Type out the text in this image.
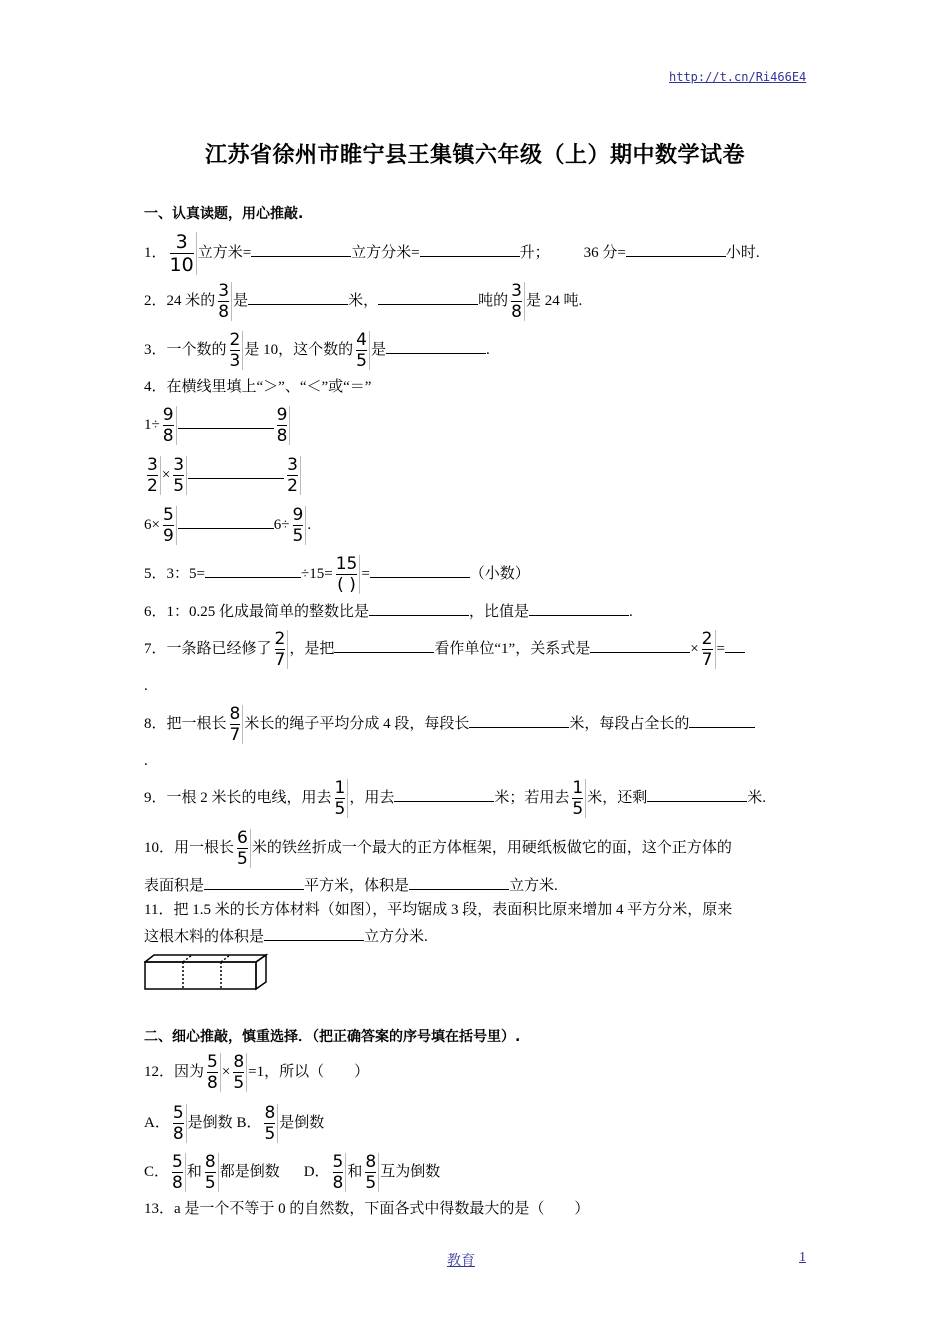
http://t.cn/Ri466E4
江苏省徐州市睢宁县王集镇六年级（上）期中数学试卷
一、认真读题，用心推敲.
1． $\frac{3}{10}$ 立方米=	立方分米=	升； 36 分=	小时.
2．24 米的 $\frac{3}{8}$ 是	米，	吨的 $\frac{3}{8}$ 是 24 吨.
3．一个数的 $\frac{2}{3}$ 是 10，这个数的 $\frac{4}{5}$ 是	.
4．在横线里填上“＞”、“＜”或“＝”
$1\div \frac{9}{8}$	$\frac{9}{8}$
$\frac{3}{2} \times \frac{3}{5}$	$\frac{3}{2}$
$6\times \frac{5}{9}$	$6\div \frac{9}{5}$ .
5．3：5=	$\div 15= \frac{15}{( )}$ =	（小数）
6．1：0.25 化成最简单的整数比是	，比值是	.
7．一条路已经修了 $\frac{2}{7}$ ，是把	看作单位“1”，关系式是	× $\frac{2}{7}$ =
.
8．把一根长 $\frac{8}{7}$ 米长的绳子平均分成 4 段，每段长	米，每段占全长的
.
9．一根 2 米长的电线，用去 $\frac{1}{5}$ ，用去	米；若用去 $\frac{1}{5}$ 米，还剩	米.
10．用一根长 $\frac{6}{5}$ 米的铁丝折成一个最大的正方体框架，用硬纸板做它的面，这个正方体的
表面积是	平方米，体积是	立方米.
11．把 1.5 米的长方体材料（如图），平均锯成 3 段，表面积比原来增加 4 平方分米，原来
这根木料的体积是	立方分米.
二、细心推敲，慎重选择．（把正确答案的序号填在括号里）.
12．因为 $\frac{5}{8} \times \frac{8}{5} =1$，所以（　　）
A． $\frac{5}{8}$ 是倒数 B． $\frac{8}{5}$ 是倒数
C． $\frac{5}{8}$ 和 $\frac{8}{5}$ 都是倒数 D． $\frac{5}{8}$ 和 $\frac{8}{5}$ 互为倒数
13．a 是一个不等于 0 的自然数，下面各式中得数最大的是（　　）
教育	1
